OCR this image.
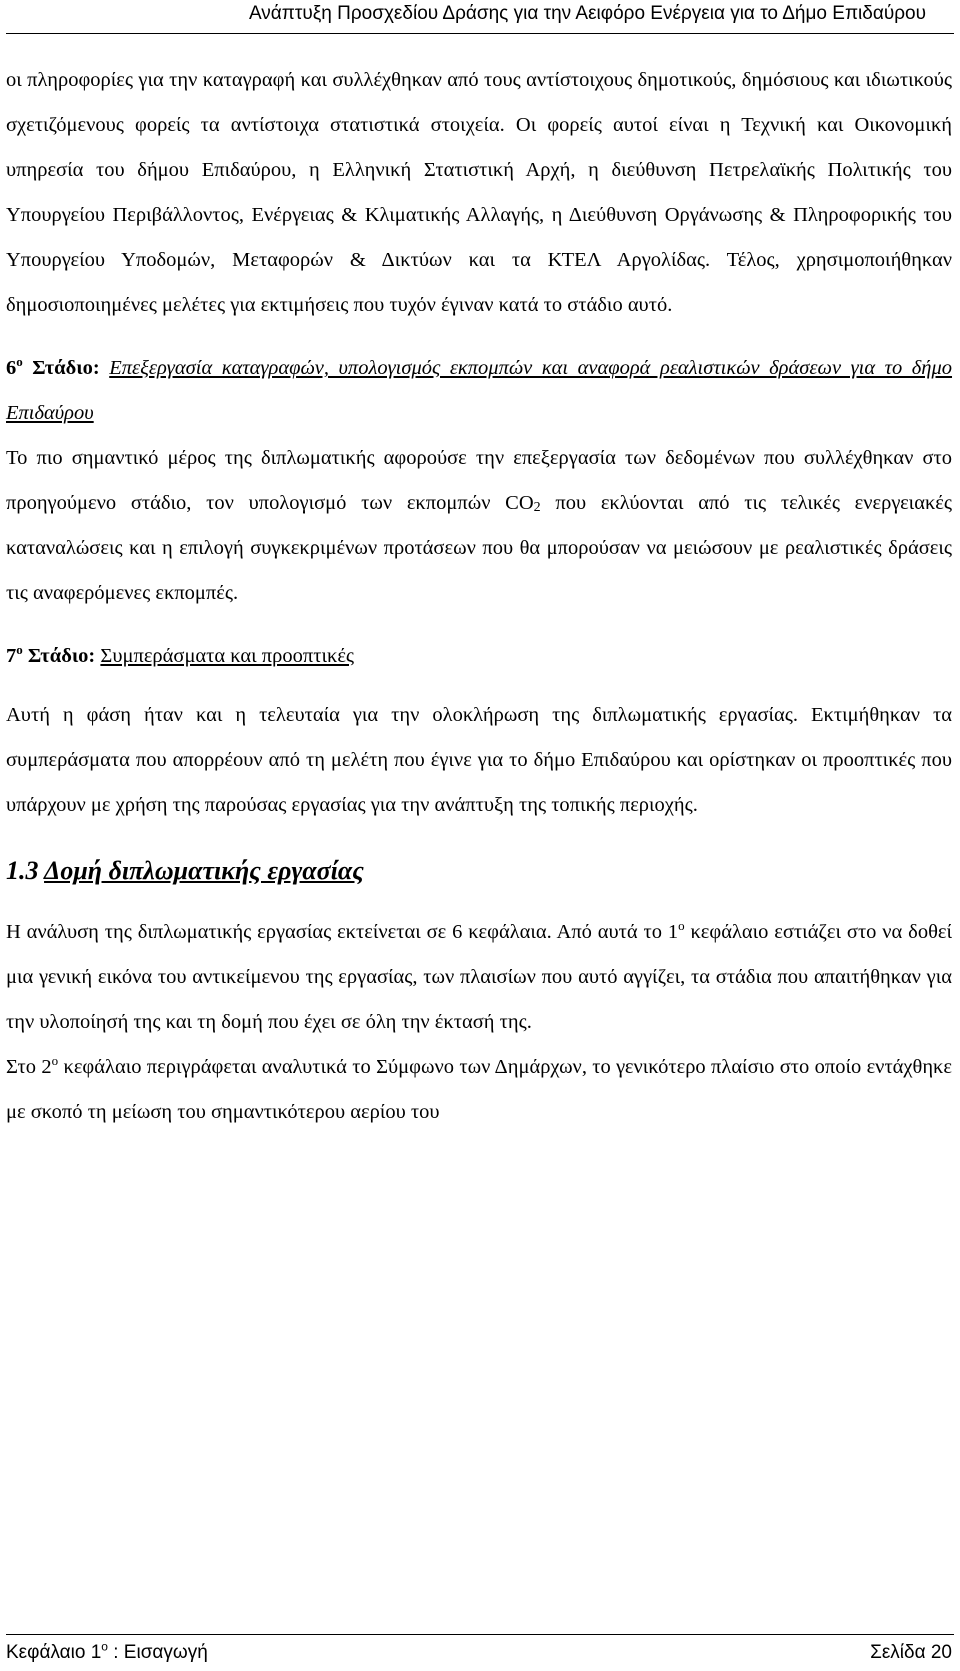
Ανάπτυξη Προσχεδίου Δράσης για την Αειφόρο Ενέργεια για το Δήμο Επιδαύρου

οι πληροφορίες για την καταγραφή και συλλέχθηκαν από τους αντίστοιχους δημοτικούς, δημόσιους και ιδιωτικούς σχετιζόμενους φορείς τα αντίστοιχα στατιστικά στοιχεία. Οι φορείς αυτοί είναι η Τεχνική και Οικονομική υπηρεσία του δήμου Επιδαύρου, η Ελληνική Στατιστική Αρχή, η διεύθυνση Πετρελαϊκής Πολιτικής του Υπουργείου Περιβάλλοντος, Ενέργειας & Κλιματικής Αλλαγής, η Διεύθυνση Οργάνωσης & Πληροφορικής του Υπουργείου Υποδομών, Μεταφορών & Δικτύων και τα ΚΤΕΛ Αργολίδας. Τέλος, χρησιμοποιήθηκαν δημοσιοποιημένες μελέτες για εκτιμήσεις που τυχόν έγιναν κατά το στάδιο αυτό.

$6^o$ Στάδιο: Επεξεργασία καταγραφών, υπολογισμός εκπομπών και αναφορά ρεαλιστικών δράσεων για το δήμο Επιδαύρου

Το πιο σημαντικό μέρος της διπλωματικής αφορούσε την επεξεργασία των δεδομένων που συλλέχθηκαν στο προηγούμενο στάδιο, τον υπολογισμό των εκπομπών $CO_2$ που εκλύονται από τις τελικές ενεργειακές καταναλώσεις και η επιλογή συγκεκριμένων προτάσεων που θα μπορούσαν να μειώσουν με ρεαλιστικές δράσεις τις αναφερόμενες εκπομπές.

$7^o$ Στάδιο: Συμπεράσματα και προοπτικές

Αυτή η φάση ήταν και η τελευταία για την ολοκλήρωση της διπλωματικής εργασίας. Εκτιμήθηκαν τα συμπεράσματα που απορρέουν από τη μελέτη που έγινε για το δήμο Επιδαύρου και ορίστηκαν οι προοπτικές που υπάρχουν με χρήση της παρούσας εργασίας για την ανάπτυξη της τοπικής περιοχής.

1.3 Δομή διπλωματικής εργασίας

Η ανάλυση της διπλωματικής εργασίας εκτείνεται σε 6 κεφάλαια. Από αυτά το $1^o$ κεφάλαιο εστιάζει στο να δοθεί μια γενική εικόνα του αντικείμενου της εργασίας, των πλαισίων που αυτό αγγίζει, τα στάδια που απαιτήθηκαν για την υλοποίησή της και τη δομή που έχει σε όλη την έκτασή της.

Στο $2^o$ κεφάλαιο περιγράφεται αναλυτικά το Σύμφωνο των Δημάρχων, το γενικότερο πλαίσιο στο οποίο εντάχθηκε με σκοπό τη μείωση του σημαντικότερου αερίου του

Κεφάλαιο $1^o$ : Εισαγωγή	Σελίδα 20
